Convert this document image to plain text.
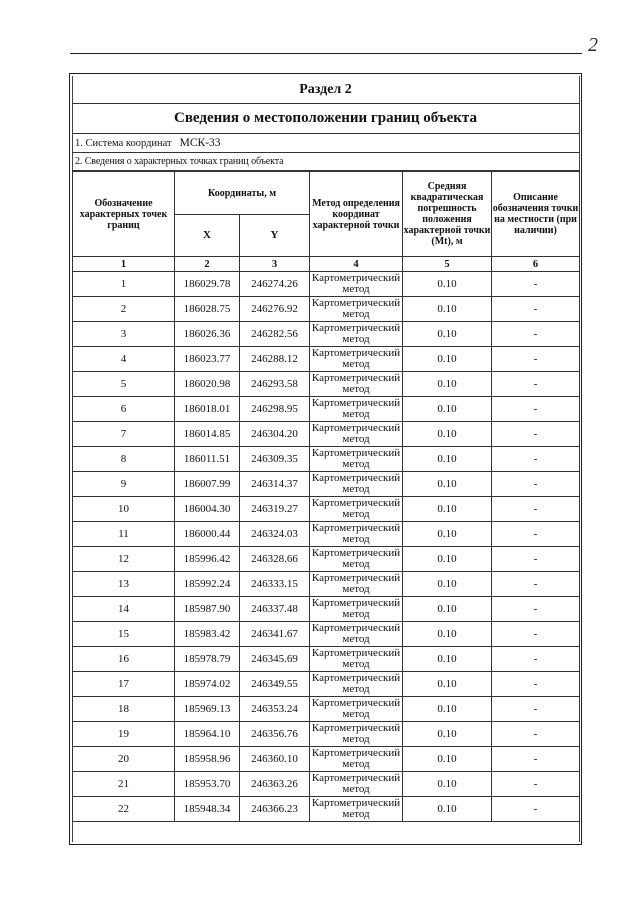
2
Раздел 2
Сведения о местоположении границ объекта
1. Система координат МСК-33
2. Сведения о характерных точках границ объекта
Обозначение характерных точек границ	Координаты, м		Метод определения координат характерной точки	Средняя квадратическая погрешность положения характерной точки (Mt), м	Описание обозначения точки на местности (при наличии)
	X	Y			
1	2	3	4	5	6
1	186029.78	246274.26	Картометрический метод	0.10	-
2	186028.75	246276.92	Картометрический метод	0.10	-
3	186026.36	246282.56	Картометрический метод	0.10	-
4	186023.77	246288.12	Картометрический метод	0.10	-
5	186020.98	246293.58	Картометрический метод	0.10	-
6	186018.01	246298.95	Картометрический метод	0.10	-
7	186014.85	246304.20	Картометрический метод	0.10	-
8	186011.51	246309.35	Картометрический метод	0.10	-
9	186007.99	246314.37	Картометрический метод	0.10	-
10	186004.30	246319.27	Картометрический метод	0.10	-
11	186000.44	246324.03	Картометрический метод	0.10	-
12	185996.42	246328.66	Картометрический метод	0.10	-
13	185992.24	246333.15	Картометрический метод	0.10	-
14	185987.90	246337.48	Картометрический метод	0.10	-
15	185983.42	246341.67	Картометрический метод	0.10	-
16	185978.79	246345.69	Картометрический метод	0.10	-
17	185974.02	246349.55	Картометрический метод	0.10	-
18	185969.13	246353.24	Картометрический метод	0.10	-
19	185964.10	246356.76	Картометрический метод	0.10	-
20	185958.96	246360.10	Картометрический метод	0.10	-
21	185953.70	246363.26	Картометрический метод	0.10	-
22	185948.34	246366.23	Картометрический метод	0.10	-
